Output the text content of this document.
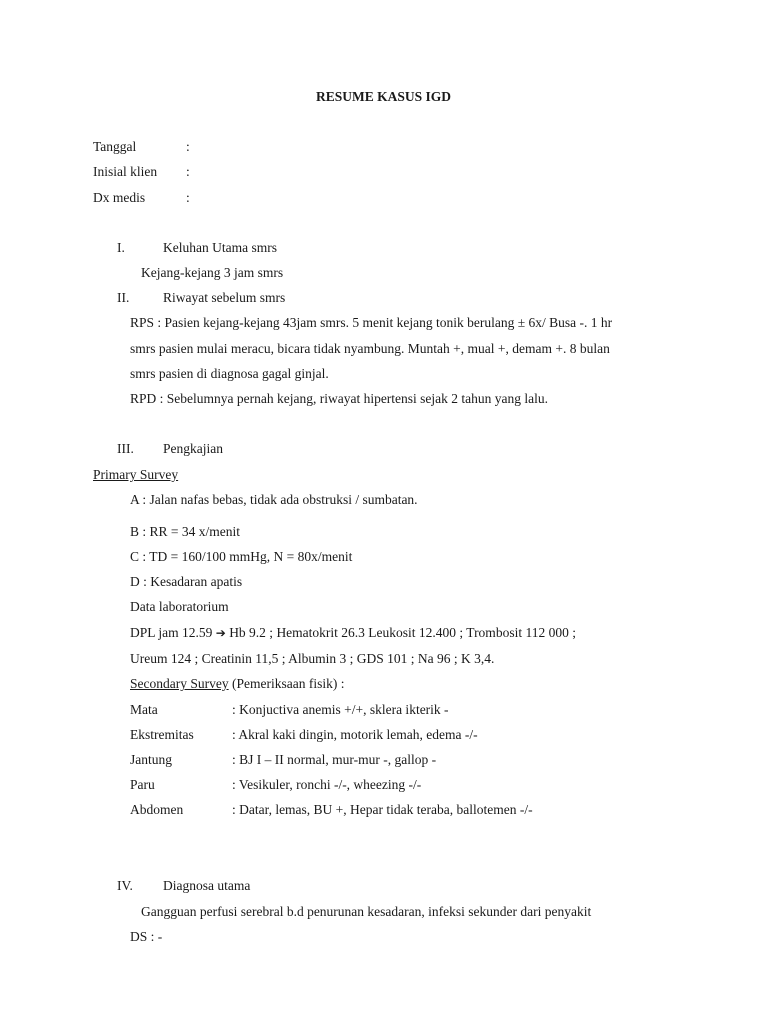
RESUME KASUS IGD
Tanggal	:
Inisial klien :
Dx medis	:
I.	Keluhan Utama smrs
Kejang-kejang 3 jam smrs
II. Riwayat sebelum smrs
RPS : Pasien kejang-kejang 43jam smrs. 5 menit kejang tonik berulang ± 6x/ Busa -. 1 hr
smrs pasien mulai meracu, bicara tidak nyambung. Muntah +, mual +, demam +. 8 bulan
smrs pasien di diagnosa gagal ginjal.
RPD : Sebelumnya pernah kejang, riwayat hipertensi sejak 2 tahun yang lalu.
III. Pengkajian
Primary Survey
A : Jalan nafas bebas, tidak ada obstruksi / sumbatan.
B : RR = 34 x/menit
C : TD = 160/100 mmHg, N = 80x/menit
D : Kesadaran apatis
Data laboratorium
DPL jam 12.59 ➔ Hb 9.2 ; Hematokrit 26.3 Leukosit 12.400 ; Trombosit 112 000 ;
Ureum 124 ; Creatinin 11,5 ; Albumin 3 ; GDS 101 ; Na 96 ; K 3,4.
Secondary Survey (Pemeriksaan fisik) :
Mata	: Konjuctiva anemis +/+, sklera ikterik -
Ekstremitas	: Akral kaki dingin, motorik lemah, edema -/-
Jantung	: BJ I – II normal, mur-mur -, gallop -
Paru	: Vesikuler, ronchi -/-, wheezing -/-
Abdomen	: Datar, lemas, BU +, Hepar tidak teraba, ballotemen -/-
IV. Diagnosa utama
Gangguan perfusi serebral b.d penurunan kesadaran, infeksi sekunder dari penyakit
DS : -
